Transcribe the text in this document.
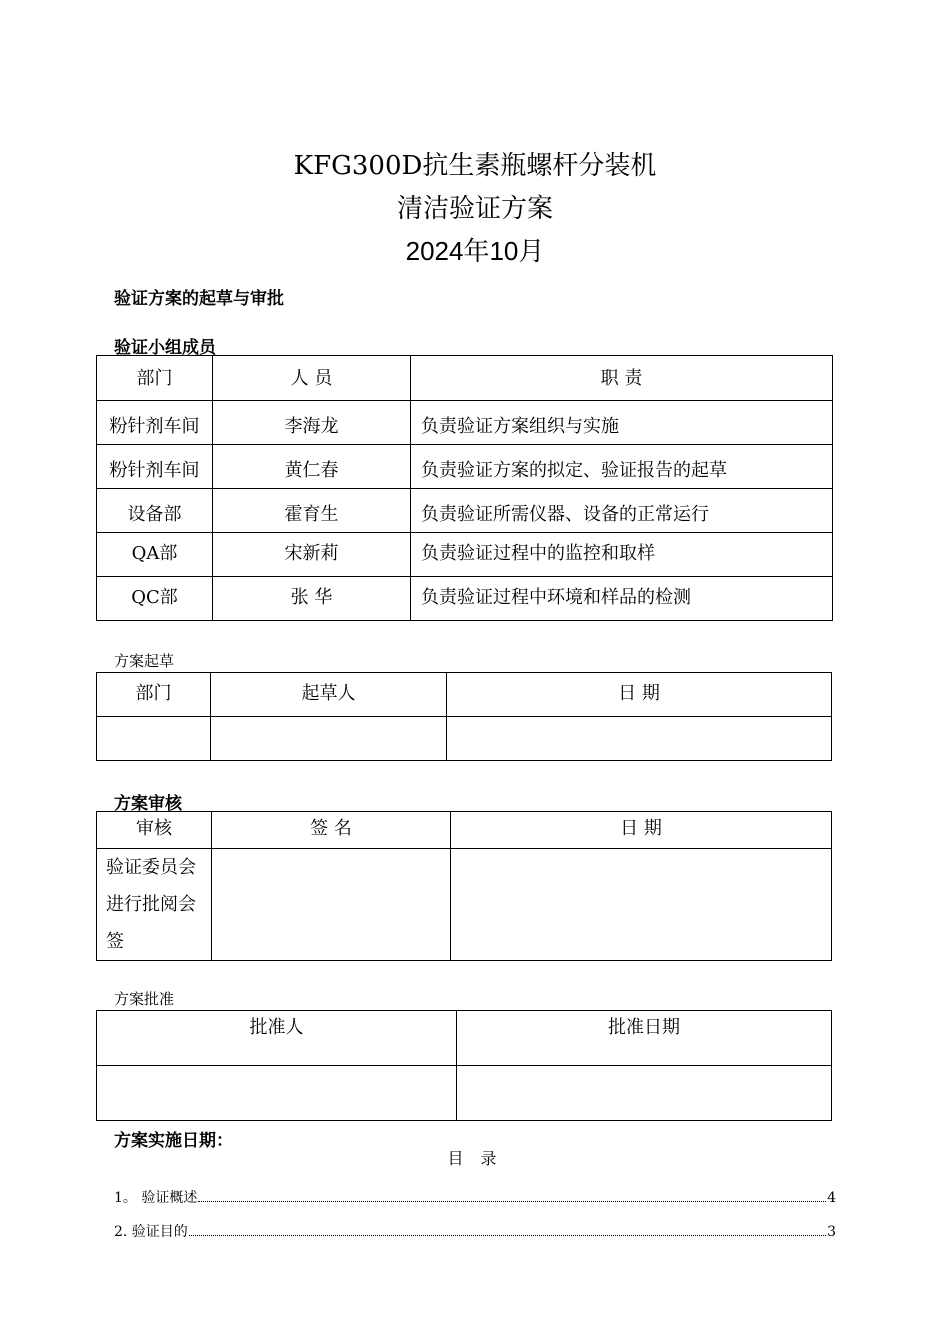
KFG300D抗生素瓶螺杆分装机
清洁验证方案
2024年10月
验证方案的起草与审批
验证小组成员
部门	人 员	职 责
粉针剂车间	李海龙	负责验证方案组织与实施
粉针剂车间	黄仁春	负责验证方案的拟定、验证报告的起草
设备部	霍育生	负责验证所需仪器、设备的正常运行
QA部	宋新莉	负责验证过程中的监控和取样
QC部	张 华	负责验证过程中环境和样品的检测
方案起草
部门	起草人	日 期

方案审核
审核	签 名	日 期
验证委员会进行批阅会签		
方案批准
批准人	批准日期

方案实施日期：
目 录
1。 验证概述	4
2. 验证目的	3
